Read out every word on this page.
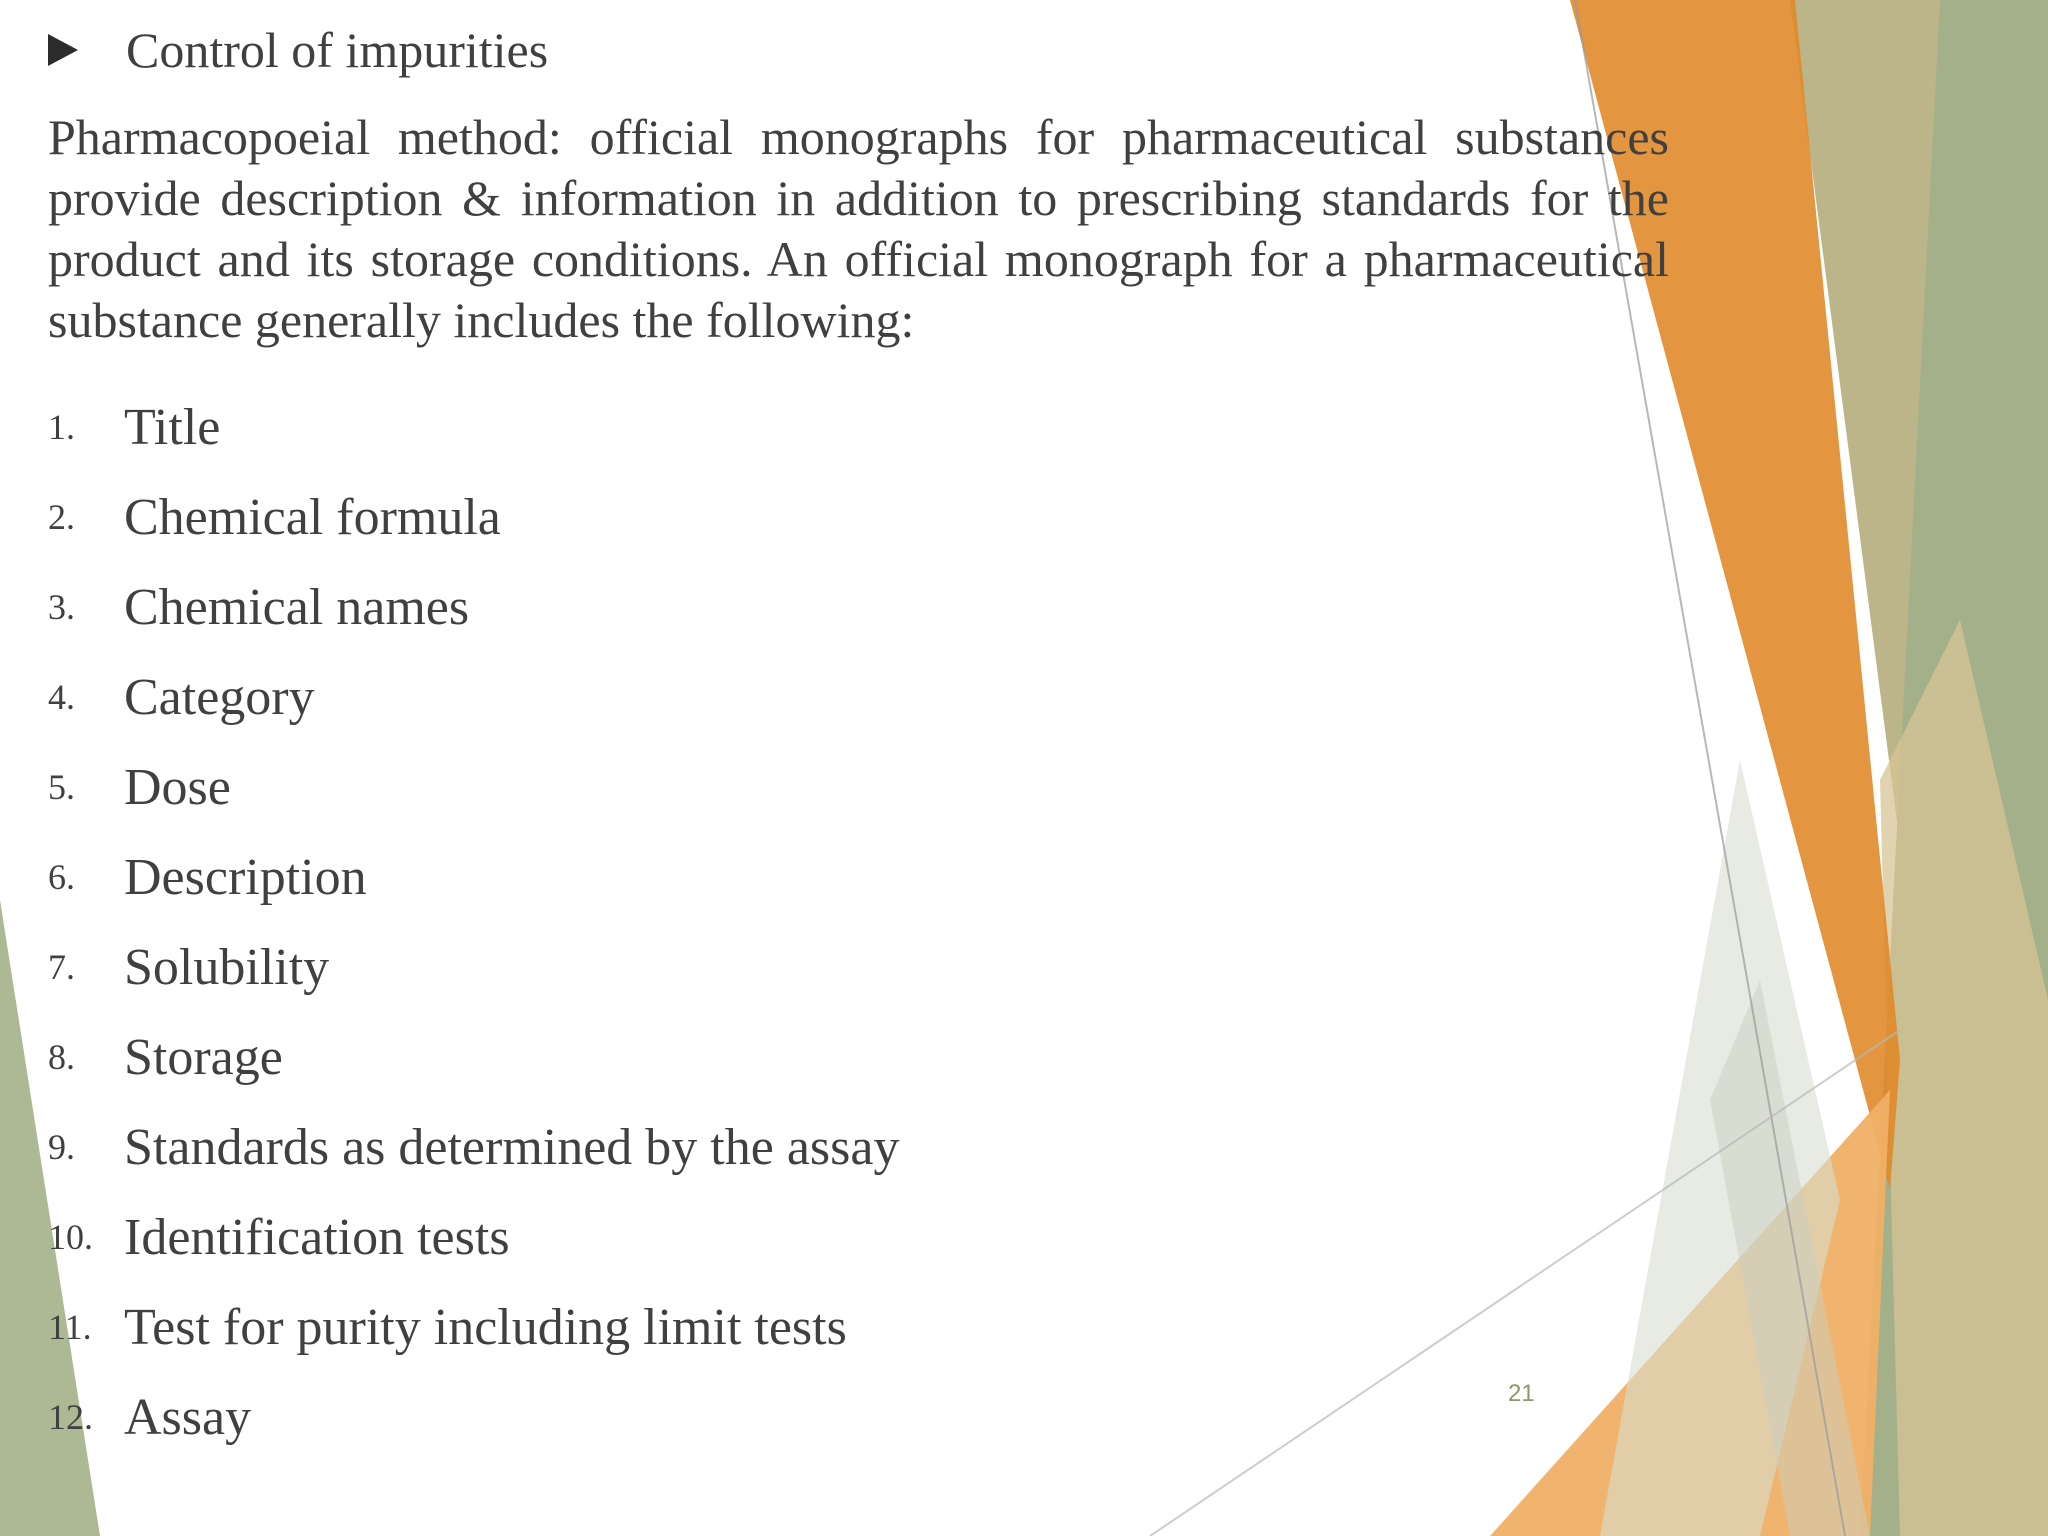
Control of impurities

Pharmacopoeial method: official monographs for pharmaceutical substances provide description & information in addition to prescribing standards for the product and its storage conditions. An official monograph for a pharmaceutical substance generally includes the following:

1. Title
2. Chemical formula
3. Chemical names
4. Category
5. Dose
6. Description
7. Solubility
8. Storage
9. Standards as determined by the assay
10. Identification tests
11. Test for purity including limit tests
12. Assay	21
